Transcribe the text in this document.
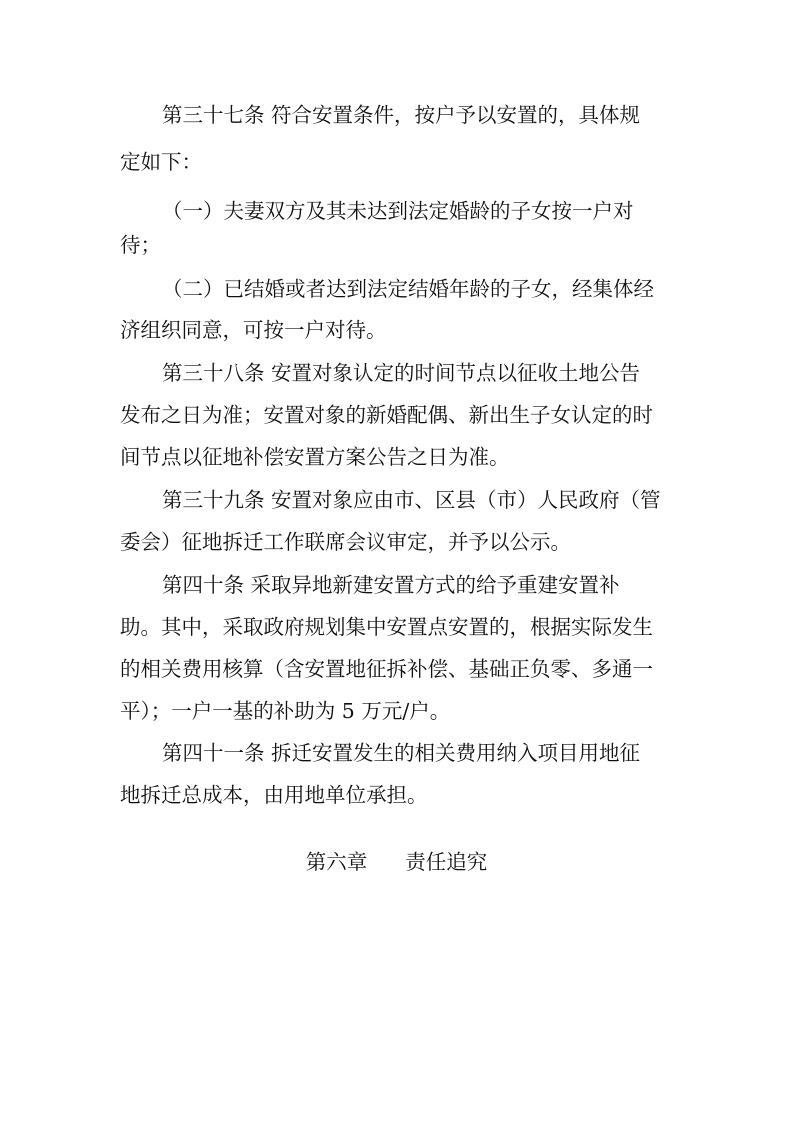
第三十七条 符合安置条件，按户予以安置的，具体规
定如下：
（一）夫妻双方及其未达到法定婚龄的子女按一户对
待；
（二）已结婚或者达到法定结婚年龄的子女，经集体经
济组织同意，可按一户对待。
第三十八条 安置对象认定的时间节点以征收土地公告
发布之日为准；安置对象的新婚配偶、新出生子女认定的时
间节点以征地补偿安置方案公告之日为准。
第三十九条 安置对象应由市、区县（市）人民政府（管
委会）征地拆迁工作联席会议审定，并予以公示。
第四十条 采取异地新建安置方式的给予重建安置补
助。其中，采取政府规划集中安置点安置的，根据实际发生
的相关费用核算（含安置地征拆补偿、基础正负零、多通一
平）；一户一基的补助为 5 万元/户。
第四十一条 拆迁安置发生的相关费用纳入项目用地征
地拆迁总成本，由用地单位承担。
第六章 责任追究
